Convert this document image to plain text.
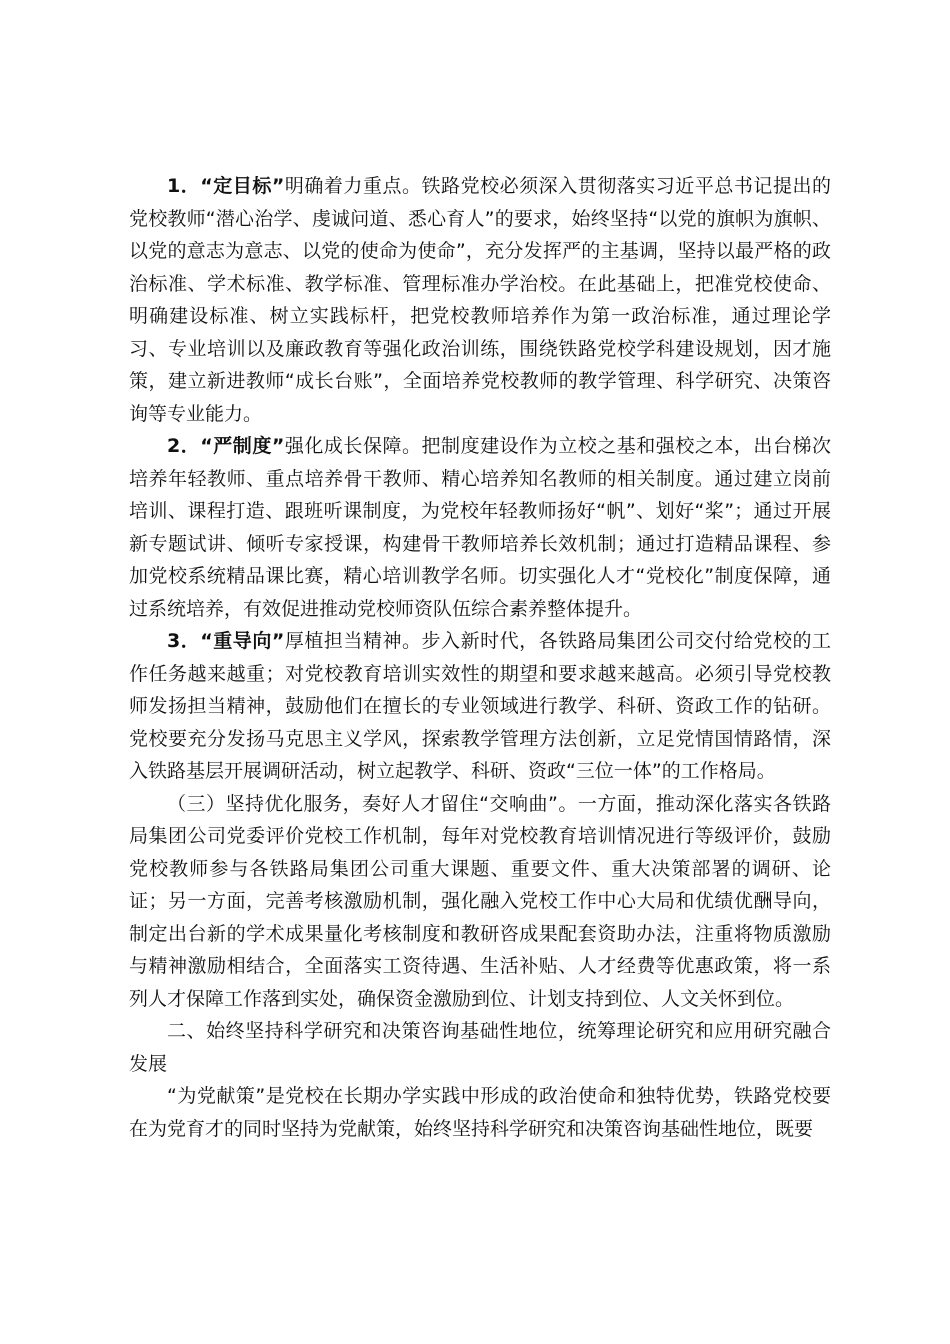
1．“定目标”明确着力重点。铁路党校必须深入贯彻落实习近平总书记提出的党校教师“潜心治学、虔诚问道、悉心育人”的要求，始终坚持“以党的旗帜为旗帜、以党的意志为意志、以党的使命为使命”，充分发挥严的主基调，坚持以最严格的政治标准、学术标准、教学标准、管理标准办学治校。在此基础上，把准党校使命、明确建设标准、树立实践标杆，把党校教师培养作为第一政治标准，通过理论学习、专业培训以及廉政教育等强化政治训练，围绕铁路党校学科建设规划，因才施策，建立新进教师“成长台账”，全面培养党校教师的教学管理、科学研究、决策咨询等专业能力。

2．“严制度”强化成长保障。把制度建设作为立校之基和强校之本，出台梯次培养年轻教师、重点培养骨干教师、精心培养知名教师的相关制度。通过建立岗前培训、课程打造、跟班听课制度，为党校年轻教师扬好“帆”、划好“桨”；通过开展新专题试讲、倾听专家授课，构建骨干教师培养长效机制；通过打造精品课程、参加党校系统精品课比赛，精心培训教学名师。切实强化人才“党校化”制度保障，通过系统培养，有效促进推动党校师资队伍综合素养整体提升。

3．“重导向”厚植担当精神。步入新时代，各铁路局集团公司交付给党校的工作任务越来越重；对党校教育培训实效性的期望和要求越来越高。必须引导党校教师发扬担当精神，鼓励他们在擅长的专业领域进行教学、科研、资政工作的钻研。党校要充分发扬马克思主义学风，探索教学管理方法创新，立足党情国情路情，深入铁路基层开展调研活动，树立起教学、科研、资政“三位一体”的工作格局。

（三）坚持优化服务，奏好人才留住“交响曲”。一方面，推动深化落实各铁路局集团公司党委评价党校工作机制，每年对党校教育培训情况进行等级评价，鼓励党校教师参与各铁路局集团公司重大课题、重要文件、重大决策部署的调研、论证；另一方面，完善考核激励机制，强化融入党校工作中心大局和优绩优酬导向，制定出台新的学术成果量化考核制度和教研咨成果配套资助办法，注重将物质激励与精神激励相结合，全面落实工资待遇、生活补贴、人才经费等优惠政策，将一系列人才保障工作落到实处，确保资金激励到位、计划支持到位、人文关怀到位。

二、始终坚持科学研究和决策咨询基础性地位，统筹理论研究和应用研究融合发展

“为党献策”是党校在长期办学实践中形成的政治使命和独特优势，铁路党校要在为党育才的同时坚持为党献策，始终坚持科学研究和决策咨询基础性地位，既要
